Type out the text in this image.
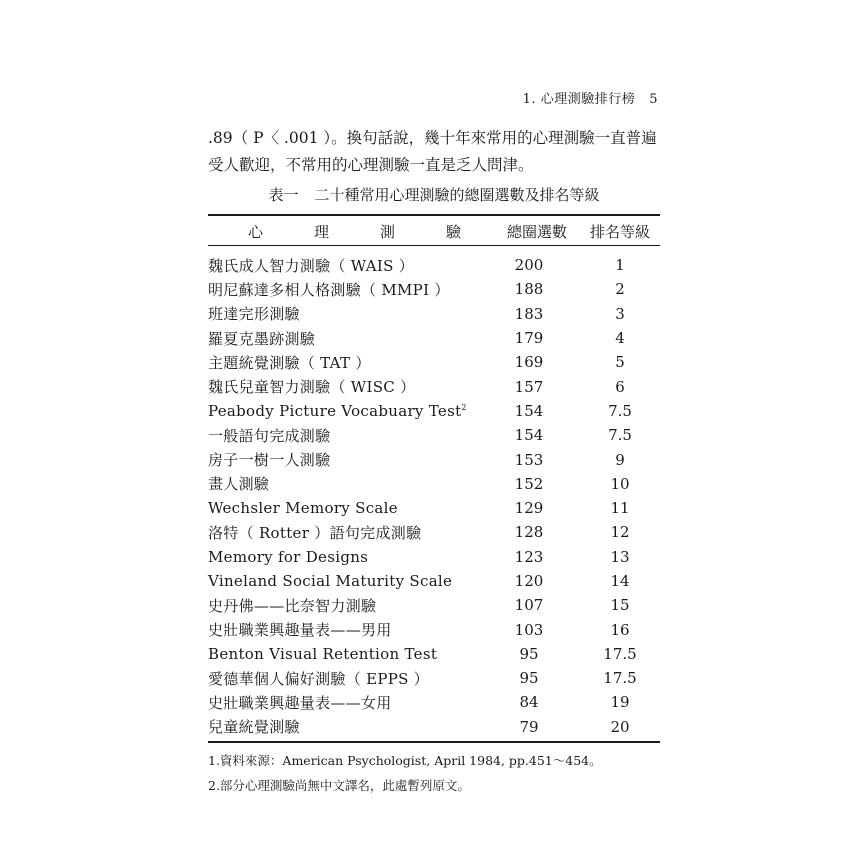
1. 心理測驗排行榜 5
.89（ P〈 .001 ）。換句話說，幾十年來常用的心理測驗一直普遍
受人歡迎，不常用的心理測驗一直是乏人問津。
表一 二十種常用心理測驗的總圈選數及排名等級
心 理 測 驗	總圈選數	排名等級
魏氏成人智力測驗（ WAIS ）	200	1
明尼蘇達多相人格測驗（ MMPI ）	188	2
班達完形測驗	183	3
羅夏克墨跡測驗	179	4
主題統覺測驗（ TAT ）	169	5
魏氏兒童智力測驗（ WISC ）	157	6
Peabody Picture Vocabuary Test$^2$	154	7.5
一般語句完成測驗	154	7.5
房子一樹一人測驗	153	9
畫人測驗	152	10
Wechsler Memory Scale	129	11
洛特（ Rotter ）語句完成測驗	128	12
Memory for Designs	123	13
Vineland Social Maturity Scale	120	14
史丹佛——比奈智力測驗	107	15
史壯職業興趣量表——男用	103	16
Benton Visual Retention Test	95	17.5
愛德華個人偏好測驗（ EPPS ）	95	17.5
史壯職業興趣量表——女用	84	19
兒童統覺測驗	79	20
1.資料來源：American Psychologist, April 1984, pp.451～454。
2.部分心理測驗尚無中文譯名，此處暫列原文。
